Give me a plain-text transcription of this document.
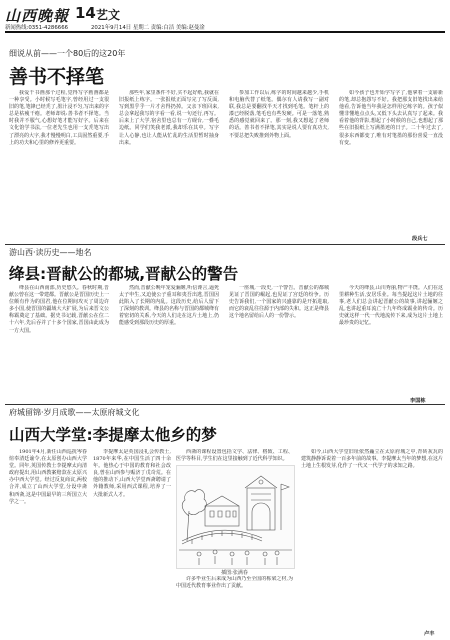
山西晚報 14 艺文
新闻热线:0351-4286666	2021年9月14日 星期二 责编:白洁 美编:赵曼淦
细说从前——一个80后的这20年
善书不择笔
我爱干书画那个过程,觉得写字画画都是一种享受。小时候写毛笔字,曾经用过一支很旧的笔,笔锋已经秃了,墨汁浸不匀,写出来的字总是枯瘦干瘪。老师却说:善书者不择笔。当时我并不服气,心想好笔才能写好字。后来在文化馆学书法,一位老先生也用一支秃笔写出了漂亮的大字,我才慢慢明白,工具固然重要,手上的功夫和心里的修养更重要。
那些年,家里条件不好,买不起好纸,我就在旧报纸上练字。一张报纸正面写完了写反面,写到黑乎乎一片才舍得扔掉。父亲下班回来,总会拿起我写的字看一看,说一句还行,再写。后来上了大学,宿舍里也总有一方砚台,一叠毛边纸。同学们笑我老派,我却乐在其中。写字让人心静,也让人能从忙乱的生活里暂时抽身出来。
参加工作以后,练字的时间越来越少,手机和电脑代替了纸笔。偶尔有人请我写一副对联,我总是要翻找半天才找到毛笔。笔杆上的漆已经脱落,笔毛也有些发硬。可是一落笔,熟悉的感觉就回来了。那一刻,我又想起了老师的话。善书者不择笔,其实是说人要有真功夫,不要总把失败推到外物上面。
如今孩子也开始学写字了,他拿着一支崭新的笔,却总抱怨写不好。我把那支旧笔找出来给他看,告诉他当年我是怎样用它练字的。孩子似懂非懂地点点头,又低下头去认真写了起来。我看着他的背影,想起了小时候的自己,也想起了那些在旧报纸上写满墨迹的日子。二十年过去了,很多东西都变了,唯有对笔墨的那份喜爱一直没有变。
段兵七
游山西·读历史——地名
绛县:晋献公的都城,晋献公的警告
绛县在山西南部,历史悠久。春秋时期,晋献公曾在这一带建都。晋献公是晋国历史上一位颇有作为的国君,他在位期间攻灭了周边许多小国,使晋国的疆域大大扩展,为后来晋文公称霸奠定了基础。据史书记载,晋献公在位二十六年,先后吞并了十多个国家,晋国由此成为一方大国。
然而,晋献公晚年宠爱骊姬,听信谗言,逼死太子申生,又迫使公子重耳和夷吾出逃,晋国因此陷入了长期的内乱。这段历史,给后人留下了深刻的教训。绛县的名称与晋国的都城绛有着密切的关系,今天的人们走在这片土地上,仍能感受到那段历史的厚重。
一座城,一段史,一个警告。晋献公的都城见证了晋国的崛起,也见证了宫廷的纷争。历史告诉我们,一个国家的兴盛靠的是开拓进取,而它的衰乱往往源于内部的失和。这正是绛县这个地名留给后人的一份警示。
今天的绛县,山川秀丽,物产丰饶。人们在这里耕种生活,安居乐业。每当提起这片土地的往事,老人们总会讲起晋献公的故事,讲起骊姬之乱,也讲起重耳流亡十九年终成霸业的传奇。历史就这样一代一代地流传下来,成为这片土地上最珍贵的记忆。
李国栋
府城留锦·岁月成歌——太原府城文化
山西大学堂:李提摩太他乡的梦
1901年4月,新任山西巡抚岑春煊奉清廷谕令,在太原创办山西大学堂。同年,英国传教士李提摩太向清政府提出,用山西教案赔款在太原兴办中西大学堂。经过反复商议,两校合并,成立了山西大学堂,分设中斋和西斋,这是中国最早的三所国立大学之一。
李提摩太是英国浸礼会传教士,1870年来华,在中国生活了四十余年。他热心于中国的教育和社会改良,曾在山西参与赈济丁戊奇荒。在他的推动下,山西大学堂西斋聘请了外籍教师,采用西式课程,培养了一大批新式人才。
西斋的课程设置包括文学、法律、格致、工程、医学等科目,学生们在这里接触到了近代科学知识。
如今,山西大学堂旧址依然矗立在太原府城之中,青砖灰瓦的建筑静静诉说着一百多年前的故事。李提摩太当年的梦想,在这片土地上生根发芽,化作了一代又一代学子的求知之路。
插图:张满春
许多毕业生后来成为山西乃至全国的栋梁之材,为中国近代教育事业作出了贡献。
卢丰
